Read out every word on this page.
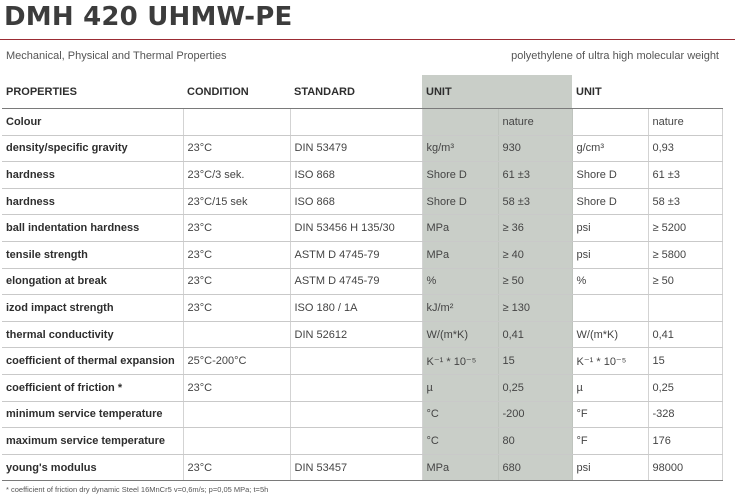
DMH 420 UHMW-PE
Mechanical, Physical and Thermal Properties	polyethylene of ultra high molecular weight
PROPERTIES	CONDITION	STANDARD	UNIT		UNIT	
Colour				nature		nature
density/specific gravity	23°C	DIN 53479	kg/m³	930	g/cm³	0,93
hardness	23°C/3 sek.	ISO 868	Shore D	61 ±3	Shore D	61 ±3
hardness	23°C/15 sek	ISO 868	Shore D	58 ±3	Shore D	58 ±3
ball indentation hardness	23°C	DIN 53456 H 135/30	MPa	≥ 36	psi	≥ 5200
tensile strength	23°C	ASTM D 4745-79	MPa	≥ 40	psi	≥ 5800
elongation at break	23°C	ASTM D 4745-79	%	≥ 50	%	≥ 50
izod impact strength	23°C	ISO 180 / 1A	kJ/m²	≥ 130		
thermal conductivity		DIN 52612	W/(m*K)	0,41	W/(m*K)	0,41
coefficient of thermal expansion	25°C-200°C		K⁻¹ * 10⁻⁵	15	K⁻¹ * 10⁻⁵	15
coefficient of friction *	23°C		µ	0,25	µ	0,25
minimum service temperature			°C	-200	°F	-328
maximum service temperature			°C	80	°F	176
young's modulus	23°C	DIN 53457	MPa	680	psi	98000
* coefficient of friction dry dynamic Steel 16MnCr5 v=0,6m/s; p=0,05 MPa; t=5h
